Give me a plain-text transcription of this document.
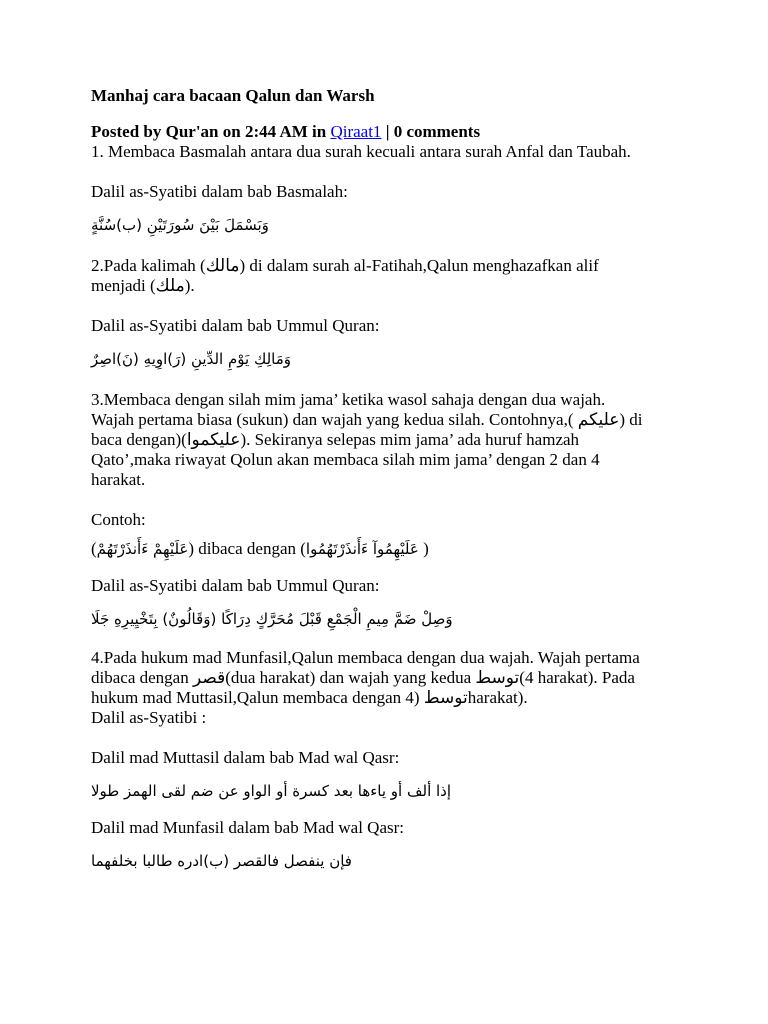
Manhaj cara bacaan Qalun dan Warsh
Posted by Qur'an on 2:44 AM in Qiraat1 | 0 comments
1. Membaca Basmalah antara dua surah kecuali antara surah Anfal dan Taubah.
Dalil as-Syatibi dalam bab Basmalah:
وَبَسْمَلَ بَيْنَ سُورَتَيْنِ (ب)سُنَّةٍ
2.Pada kalimah (مالك) di dalam surah al-Fatihah,Qalun menghazafkan alif
menjadi (ملك).
Dalil as-Syatibi dalam bab Ummul Quran:
وَمَالِكِ يَوْمِ الدِّينِ (رَ)اوِيهِ (نَ)اصِرٌ
3.Membaca dengan silah mim jama’ ketika wasol sahaja dengan dua wajah.
Wajah pertama biasa (sukun) dan wajah yang kedua silah. Contohnya,( عليكم) di
baca dengan)(عليكموا). Sekiranya selepas mim jama’ ada huruf hamzah
Qato’,maka riwayat Qolun akan membaca silah mim jama’ dengan 2 dan 4
harakat.
Contoh:
(عَلَيْهِمْ ءَأَنذَرْتَهُمْ) dibaca dengan (عَلَيْهِمُوآ ءَأَنذَرْتَهُمُوا )
Dalil as-Syatibi dalam bab Ummul Quran:
وَصِلْ ضَمَّ مِيمِ الْجَمْعِ قَبْلَ مُحَرَّكٍ دِرَاكًا (وَقَالُونٌ) بِتَخْيِيرِهِ جَلَا
4.Pada hukum mad Munfasil,Qalun membaca dengan dua wajah. Wajah pertama
dibaca dengan قصر(dua harakat) dan wajah yang kedua توسط(4 harakat). Pada
hukum mad Muttasil,Qalun membaca dengan 4) توسطharakat).
Dalil as-Syatibi :
Dalil mad Muttasil dalam bab Mad wal Qasr:
إذا ألف أو ياءها بعد كسرة أو الواو عن ضم لقى الهمز طولا
Dalil mad Munfasil dalam bab Mad wal Qasr:
فإن ينفصل فالقصر (ب)ادره طالبا بخلفهما
